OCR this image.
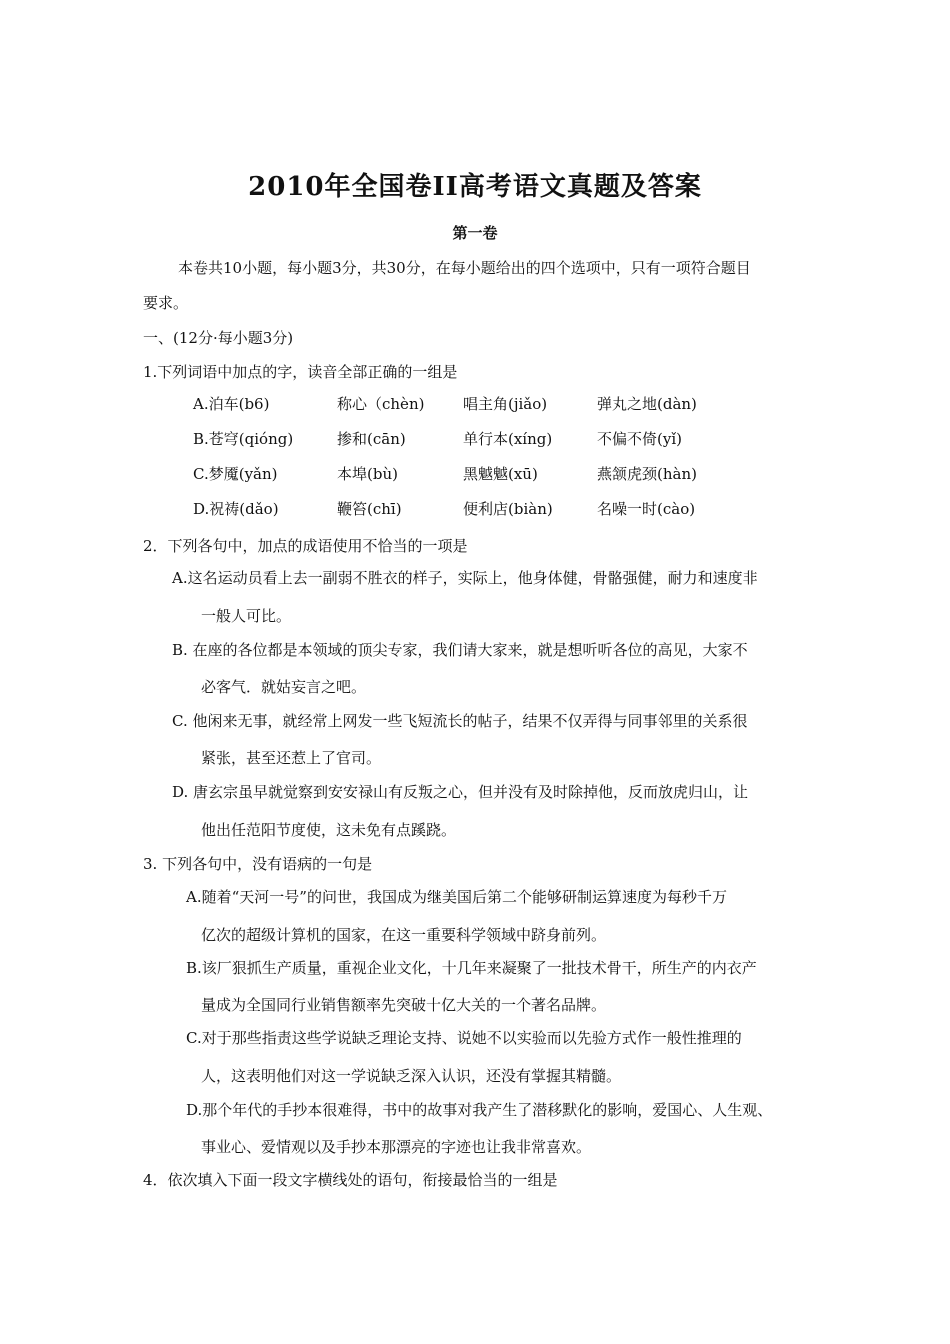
2010年全国卷ⅠⅠ高考语文真题及答案
第一卷
本卷共10小题，每小题3分，共30分，在每小题给出的四个选项中，只有一项符合题目
要求。
一、(12分·每小题3分)
1.下列词语中加点的字，读音全部正确的一组是
A.泊车(b6)	称心（chèn)	唱主角(jiǎo)	弹丸之地(dàn)
B.苍穹(qióng)	掺和(cān)	单行本(xíng)	不偏不倚(yǐ)
C.梦魇(yǎn)	本埠(bù)	黑魆魆(xū)	燕颔虎颈(hàn)
D.祝祷(dǎo)	鞭笞(chī)	便利店(biàn)	名噪一时(cào)
2．下列各句中，加点的成语使用不恰当的一项是
A.这名运动员看上去一副弱不胜衣的样子，实际上，他身体健，骨骼强健，耐力和速度非
一般人可比。
B. 在座的各位都是本领域的顶尖专家，我们请大家来，就是想听听各位的高见，大家不
必客气．就姑妄言之吧。
C. 他闲来无事，就经常上网发一些飞短流长的帖子，结果不仅弄得与同事邻里的关系很
紧张，甚至还惹上了官司。
D. 唐玄宗虽早就觉察到安安禄山有反叛之心，但并没有及时除掉他，反而放虎归山，让
他出任范阳节度使，这未免有点蹊跷。
3. 下列各句中，没有语病的一句是
A.随着“天河一号”的问世，我国成为继美国后第二个能够研制运算速度为每秒千万
亿次的超级计算机的国家，在这一重要科学领域中跻身前列。
B.该厂狠抓生产质量，重视企业文化，十几年来凝聚了一批技术骨干，所生产的内衣产
量成为全国同行业销售额率先突破十亿大关的一个著名品牌。
C.对于那些指责这些学说缺乏理论支持、说她不以实验而以先验方式作一般性推理的
人，这表明他们对这一学说缺乏深入认识，还没有掌握其精髓。
D.那个年代的手抄本很难得，书中的故事对我产生了潜移默化的影响，爱国心、人生观、
事业心、爱情观以及手抄本那漂亮的字迹也让我非常喜欢。
4．依次填入下面一段文字横线处的语句，衔接最恰当的一组是
